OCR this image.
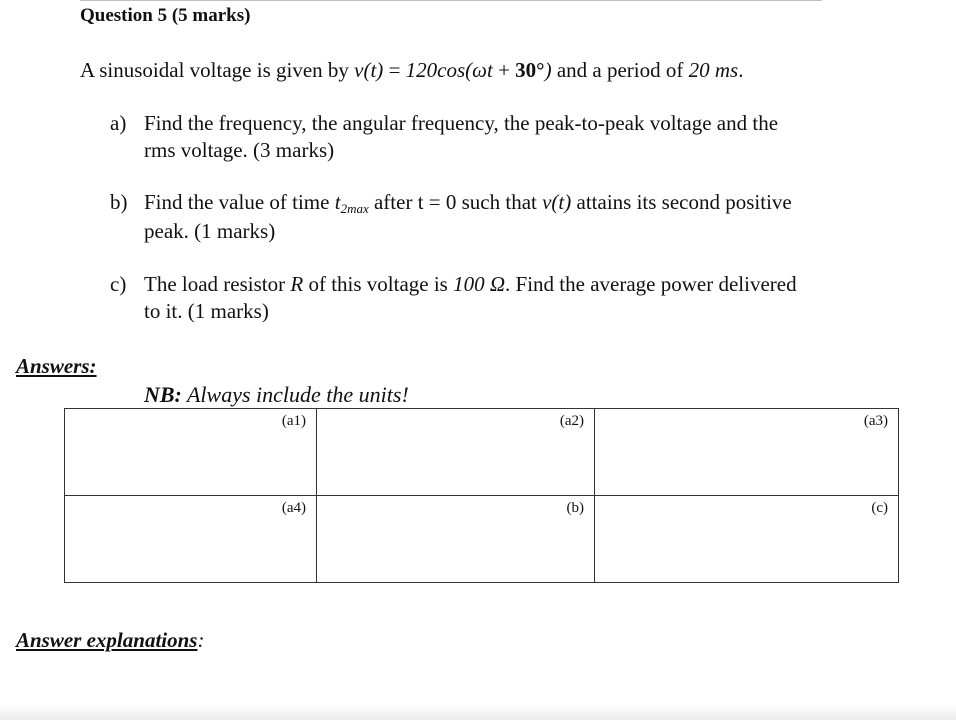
Question 5 (5 marks)
A sinusoidal voltage is given by v(t) = 120cos(ωt + 30°) and a period of 20 ms.
a) Find the frequency, the angular frequency, the peak-to-peak voltage and the
rms voltage. (3 marks)
b) Find the value of time t2max after t = 0 such that v(t) attains its second positive
peak. (1 marks)
c) The load resistor R of this voltage is 100 Ω. Find the average power delivered
to it. (1 marks)
Answers:
NB: Always include the units!
(a1)	(a2)	(a3)
(a4)	(b)	(c)
Answer explanations:
